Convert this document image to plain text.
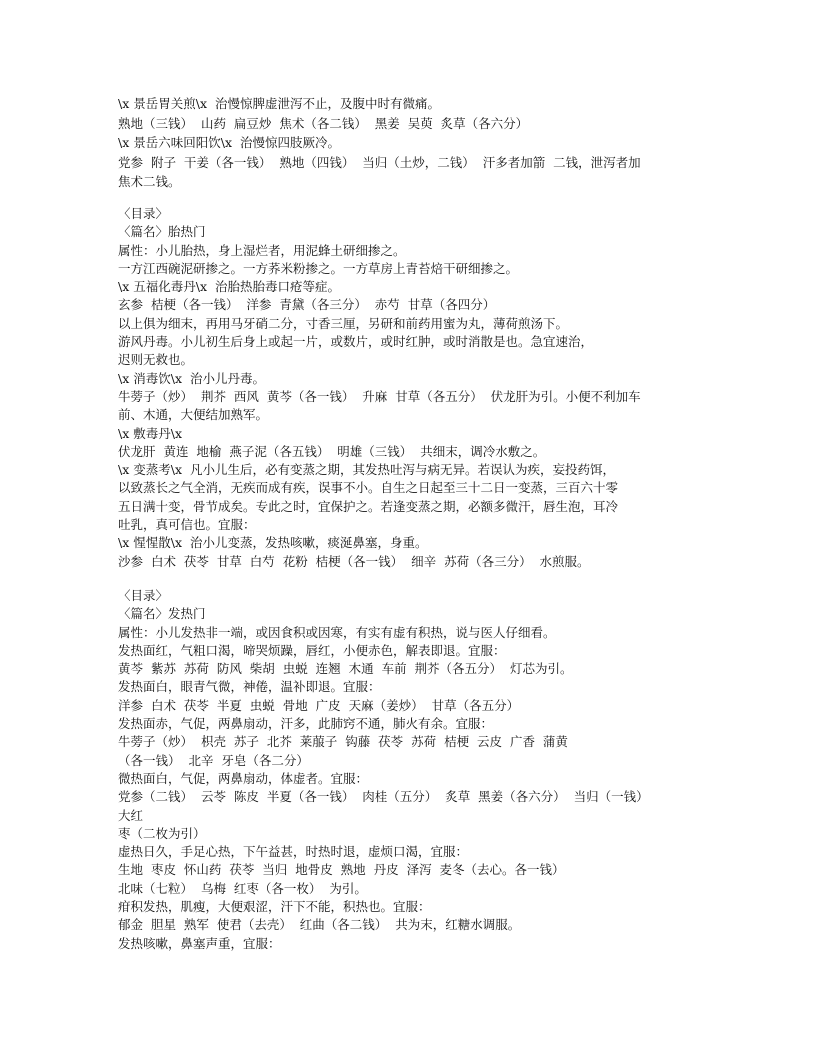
\x 景岳胃关煎\x  治慢惊脾虚泄泻不止，及腹中时有微痛。
熟地（三钱）  山药  扁豆炒  焦术（各二钱）  黑姜  吴萸  炙草（各六分）
\x 景岳六味回阳饮\x  治慢惊四肢厥冷。
党参  附子  干姜（各一钱）  熟地（四钱）  当归（土炒，二钱）  汗多者加箭  二钱，泄泻者加
焦术二钱。
〈目录〉
〈篇名〉胎热门
属性：小儿胎热，身上湿烂者，用泥蜂土研细掺之。
一方江西碗泥研掺之。一方荞米粉掺之。一方草房上青苔焙干研细掺之。
\x 五福化毒丹\x  治胎热胎毒口疮等症。
玄参  桔梗（各一钱）  洋参  青黛（各三分）  赤芍  甘草（各四分）
以上俱为细末，再用马牙硝二分，寸香三厘，另研和前药用蜜为丸，薄荷煎汤下。
游风丹毒。小儿初生后身上或起一片，或数片，或时红肿，或时消散是也。急宜速治，
迟则无救也。
\x 消毒饮\x  治小儿丹毒。
牛蒡子（炒）  荆芥  西风  黄芩（各一钱）  升麻  甘草（各五分）  伏龙肝为引。小便不利加车
前、木通，大便结加熟军。
\x 敷毒丹\x
伏龙肝  黄连  地榆  燕子泥（各五钱）  明雄（三钱）  共细末，调冷水敷之。
\x 变蒸考\x  凡小儿生后，必有变蒸之期，其发热吐泻与病无异。若误认为疾，妄投药饵，
以致蒸长之气全消，无疾而成有疾，误事不小。自生之日起至三十二日一变蒸，三百六十零
五日满十变，骨节成矣。专此之时，宜保护之。若逢变蒸之期，必额多微汗，唇生泡，耳冷
吐乳，真可信也。宜服：
\x 惺惺散\x  治小儿变蒸，发热咳嗽，痰涎鼻塞，身重。
沙参  白术  茯苓  甘草  白芍  花粉  桔梗（各一钱）  细辛  苏荷（各三分）  水煎服。
〈目录〉
〈篇名〉发热门
属性：小儿发热非一端，或因食积或因寒，有实有虚有积热，说与医人仔细看。
发热面红，气粗口渴，啼哭烦躁，唇红，小便赤色，解表即退。宜服：
黄芩  紫苏  苏荷  防风  柴胡  虫蜕  连翘  木通  车前  荆芥（各五分）  灯芯为引。
发热面白，眼青气微，神倦，温补即退。宜服：
洋参  白术  茯苓  半夏  虫蜕  骨地  广皮  天麻（姜炒）  甘草（各五分）
发热面赤，气促，两鼻扇动，汗多，此肺窍不通，肺火有余。宜服：
牛蒡子（炒）  枳壳  苏子  北芥  莱菔子  钩藤  茯苓  苏荷  桔梗  云皮  广香  蒲黄
（各一钱）  北辛  牙皂（各二分）
微热面白，气促，两鼻扇动，体虚者。宜服：
党参（二钱）  云苓  陈皮  半夏（各一钱）  肉桂（五分）  炙草  黑姜（各六分）  当归（一钱）
大红
枣（二枚为引）
虚热日久，手足心热，下午益甚，时热时退，虚烦口渴，宜服：
生地  枣皮  怀山药  茯苓  当归  地骨皮  熟地  丹皮  泽泻  麦冬（去心。各一钱）
北味（七粒）  乌梅  红枣（各一枚）  为引。
疳积发热，肌瘦，大便艰涩，汗下不能，积热也。宜服：
郁金  胆星  熟军  使君（去壳）  红曲（各二钱）  共为末，红糖水调服。
发热咳嗽，鼻塞声重，宜服：
